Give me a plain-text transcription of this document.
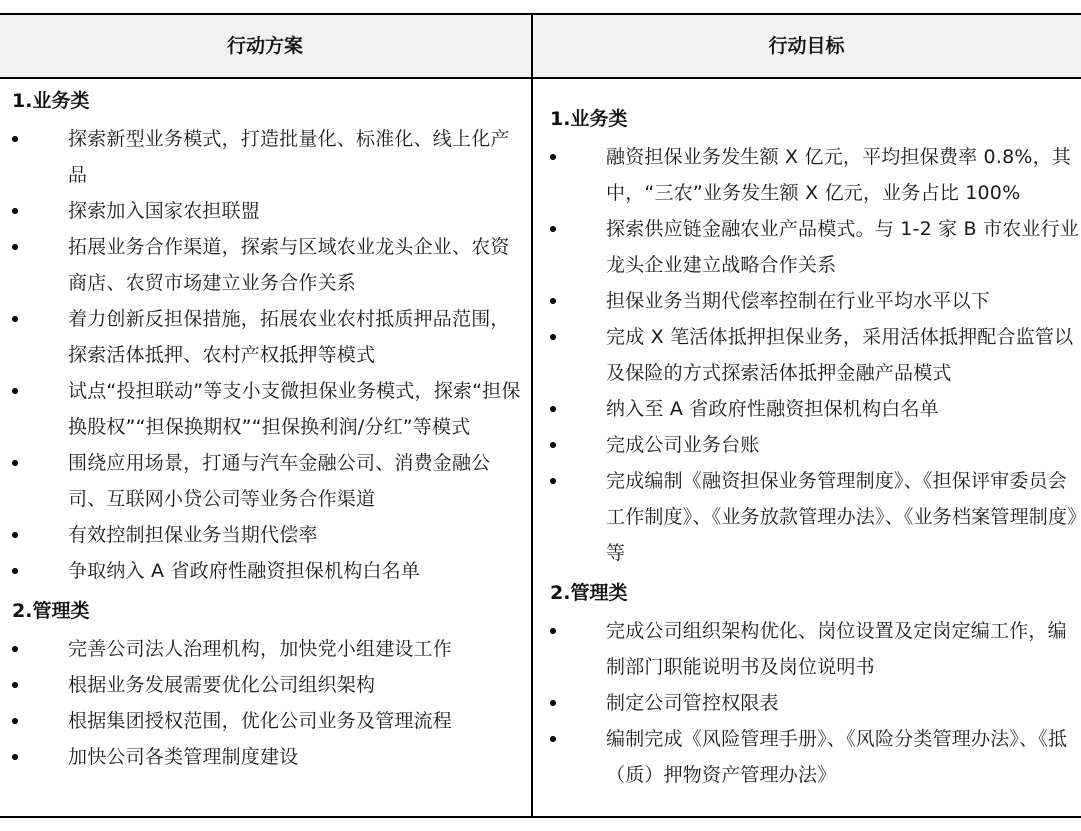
行动方案	行动目标
1.业务类
探索新型业务模式，打造批量化、标准化、线上化产品
探索加入国家农担联盟
拓展业务合作渠道，探索与区域农业龙头企业、农资商店、农贸市场建立业务合作关系
着力创新反担保措施，拓展农业农村抵质押品范围，探索活体抵押、农村产权抵押等模式
试点“投担联动”等支小支微担保业务模式，探索“担保换股权”“担保换期权”“担保换利润/分红”等模式
围绕应用场景，打通与汽车金融公司、消费金融公司、互联网小贷公司等业务合作渠道
有效控制担保业务当期代偿率
争取纳入 A 省政府性融资担保机构白名单
2.管理类
完善公司法人治理机构，加快党小组建设工作
根据业务发展需要优化公司组织架构
根据集团授权范围，优化公司业务及管理流程
加快公司各类管理制度建设
1.业务类
融资担保业务发生额 X 亿元，平均担保费率 0.8%，其中，“三农”业务发生额 X 亿元，业务占比 100%
探索供应链金融农业产品模式。与 1-2 家 B 市农业行业龙头企业建立战略合作关系
担保业务当期代偿率控制在行业平均水平以下
完成 X 笔活体抵押担保业务，采用活体抵押配合监管以及保险的方式探索活体抵押金融产品模式
纳入至 A 省政府性融资担保机构白名单
完成公司业务台账
完成编制《融资担保业务管理制度》、《担保评审委员会工作制度》、《业务放款管理办法》、《业务档案管理制度》等
2.管理类
完成公司组织架构优化、岗位设置及定岗定编工作，编制部门职能说明书及岗位说明书
制定公司管控权限表
编制完成《风险管理手册》、《风险分类管理办法》、《抵（质）押物资产管理办法》
